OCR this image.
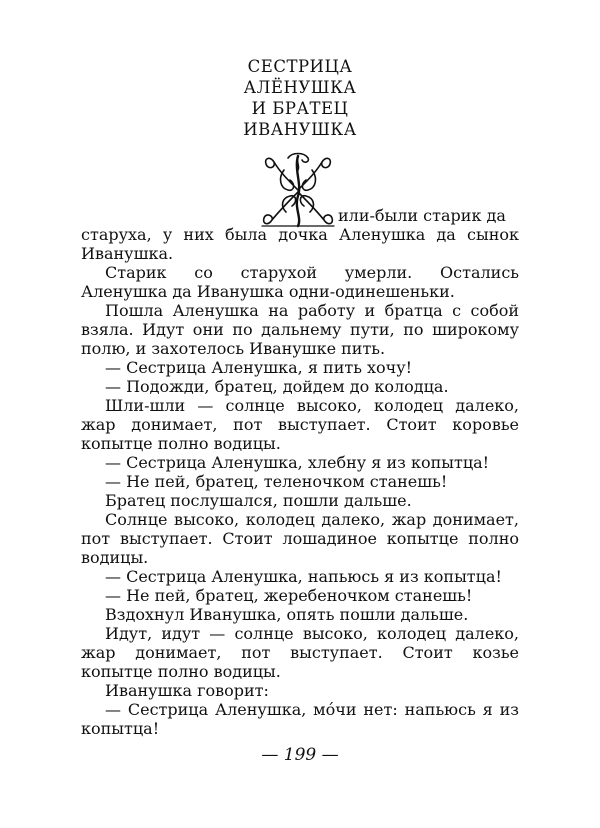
СЕСТРИЦА
АЛЁНУШКА
И БРАТЕЦ
ИВАНУШКА

или-были старик да

старуха, у них была дочка Аленушка да сынок Иванушка.

Старик со старухой умерли. Остались Аленушка да Иванушка одни-одинешеньки.

Пошла Аленушка на работу и братца с собой взяла. Идут они по дальнему пути, по широкому полю, и захотелось Иванушке пить.

— Сестрица Аленушка, я пить хочу!

— Подожди, братец, дойдем до колодца.

Шли-шли — солнце высоко, колодец далеко, жар донимает, пот выступает. Стоит коровье копытце полно водицы.

— Сестрица Аленушка, хлебну я из копытца!

— Не пей, братец, теленочком станешь!

Братец послушался, пошли дальше.

Солнце высоко, колодец далеко, жар донимает, пот выступает. Стоит лошадиное копытце полно водицы.

— Сестрица Аленушка, напьюсь я из копытца!

— Не пей, братец, жеребеночком станешь!

Вздохнул Иванушка, опять пошли дальше.

Идут, идут — солнце высоко, колодец далеко, жар донимает, пот выступает. Стоит козье копытце полно водицы.

Иванушка говорит:

— Сестрица Аленушка, мóчи нет: напьюсь я из копытца!

— 199 —
